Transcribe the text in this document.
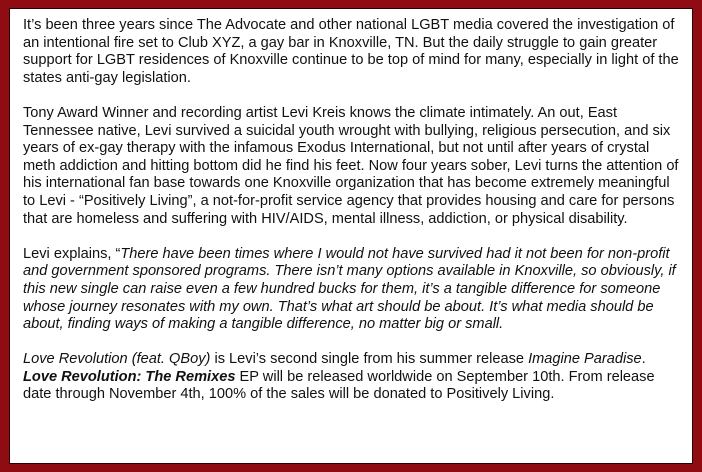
It’s been three years since The Advocate and other national LGBT media covered the investigation of an intentional fire set to Club XYZ, a gay bar in Knoxville, TN. But the daily struggle to gain greater support for LGBT residences of Knoxville continue to be top of mind for many, especially in light of the states anti-gay legislation.

Tony Award Winner and recording artist Levi Kreis knows the climate intimately. An out, East Tennessee native, Levi survived a suicidal youth wrought with bullying, religious persecution, and six years of ex-gay therapy with the infamous Exodus International, but not until after years of crystal meth addiction and hitting bottom did he find his feet. Now four years sober, Levi turns the attention of his international fan base towards one Knoxville organization that has become extremely meaningful to Levi - “Positively Living”, a not-for-profit service agency that provides housing and care for persons that are homeless and suffering with HIV/AIDS, mental illness, addiction, or physical disability.

Levi explains, “There have been times where I would not have survived had it not been for non-profit and government sponsored programs. There isn’t many options available in Knoxville, so obviously, if this new single can raise even a few hundred bucks for them, it’s a tangible difference for someone whose journey resonates with my own. That’s what art should be about. It’s what media should be about, finding ways of making a tangible difference, no matter big or small.

Love Revolution (feat. QBoy) is Levi’s second single from his summer release Imagine Paradise. Love Revolution: The Remixes EP will be released worldwide on September 10th. From release date through November 4th, 100% of the sales will be donated to Positively Living.
